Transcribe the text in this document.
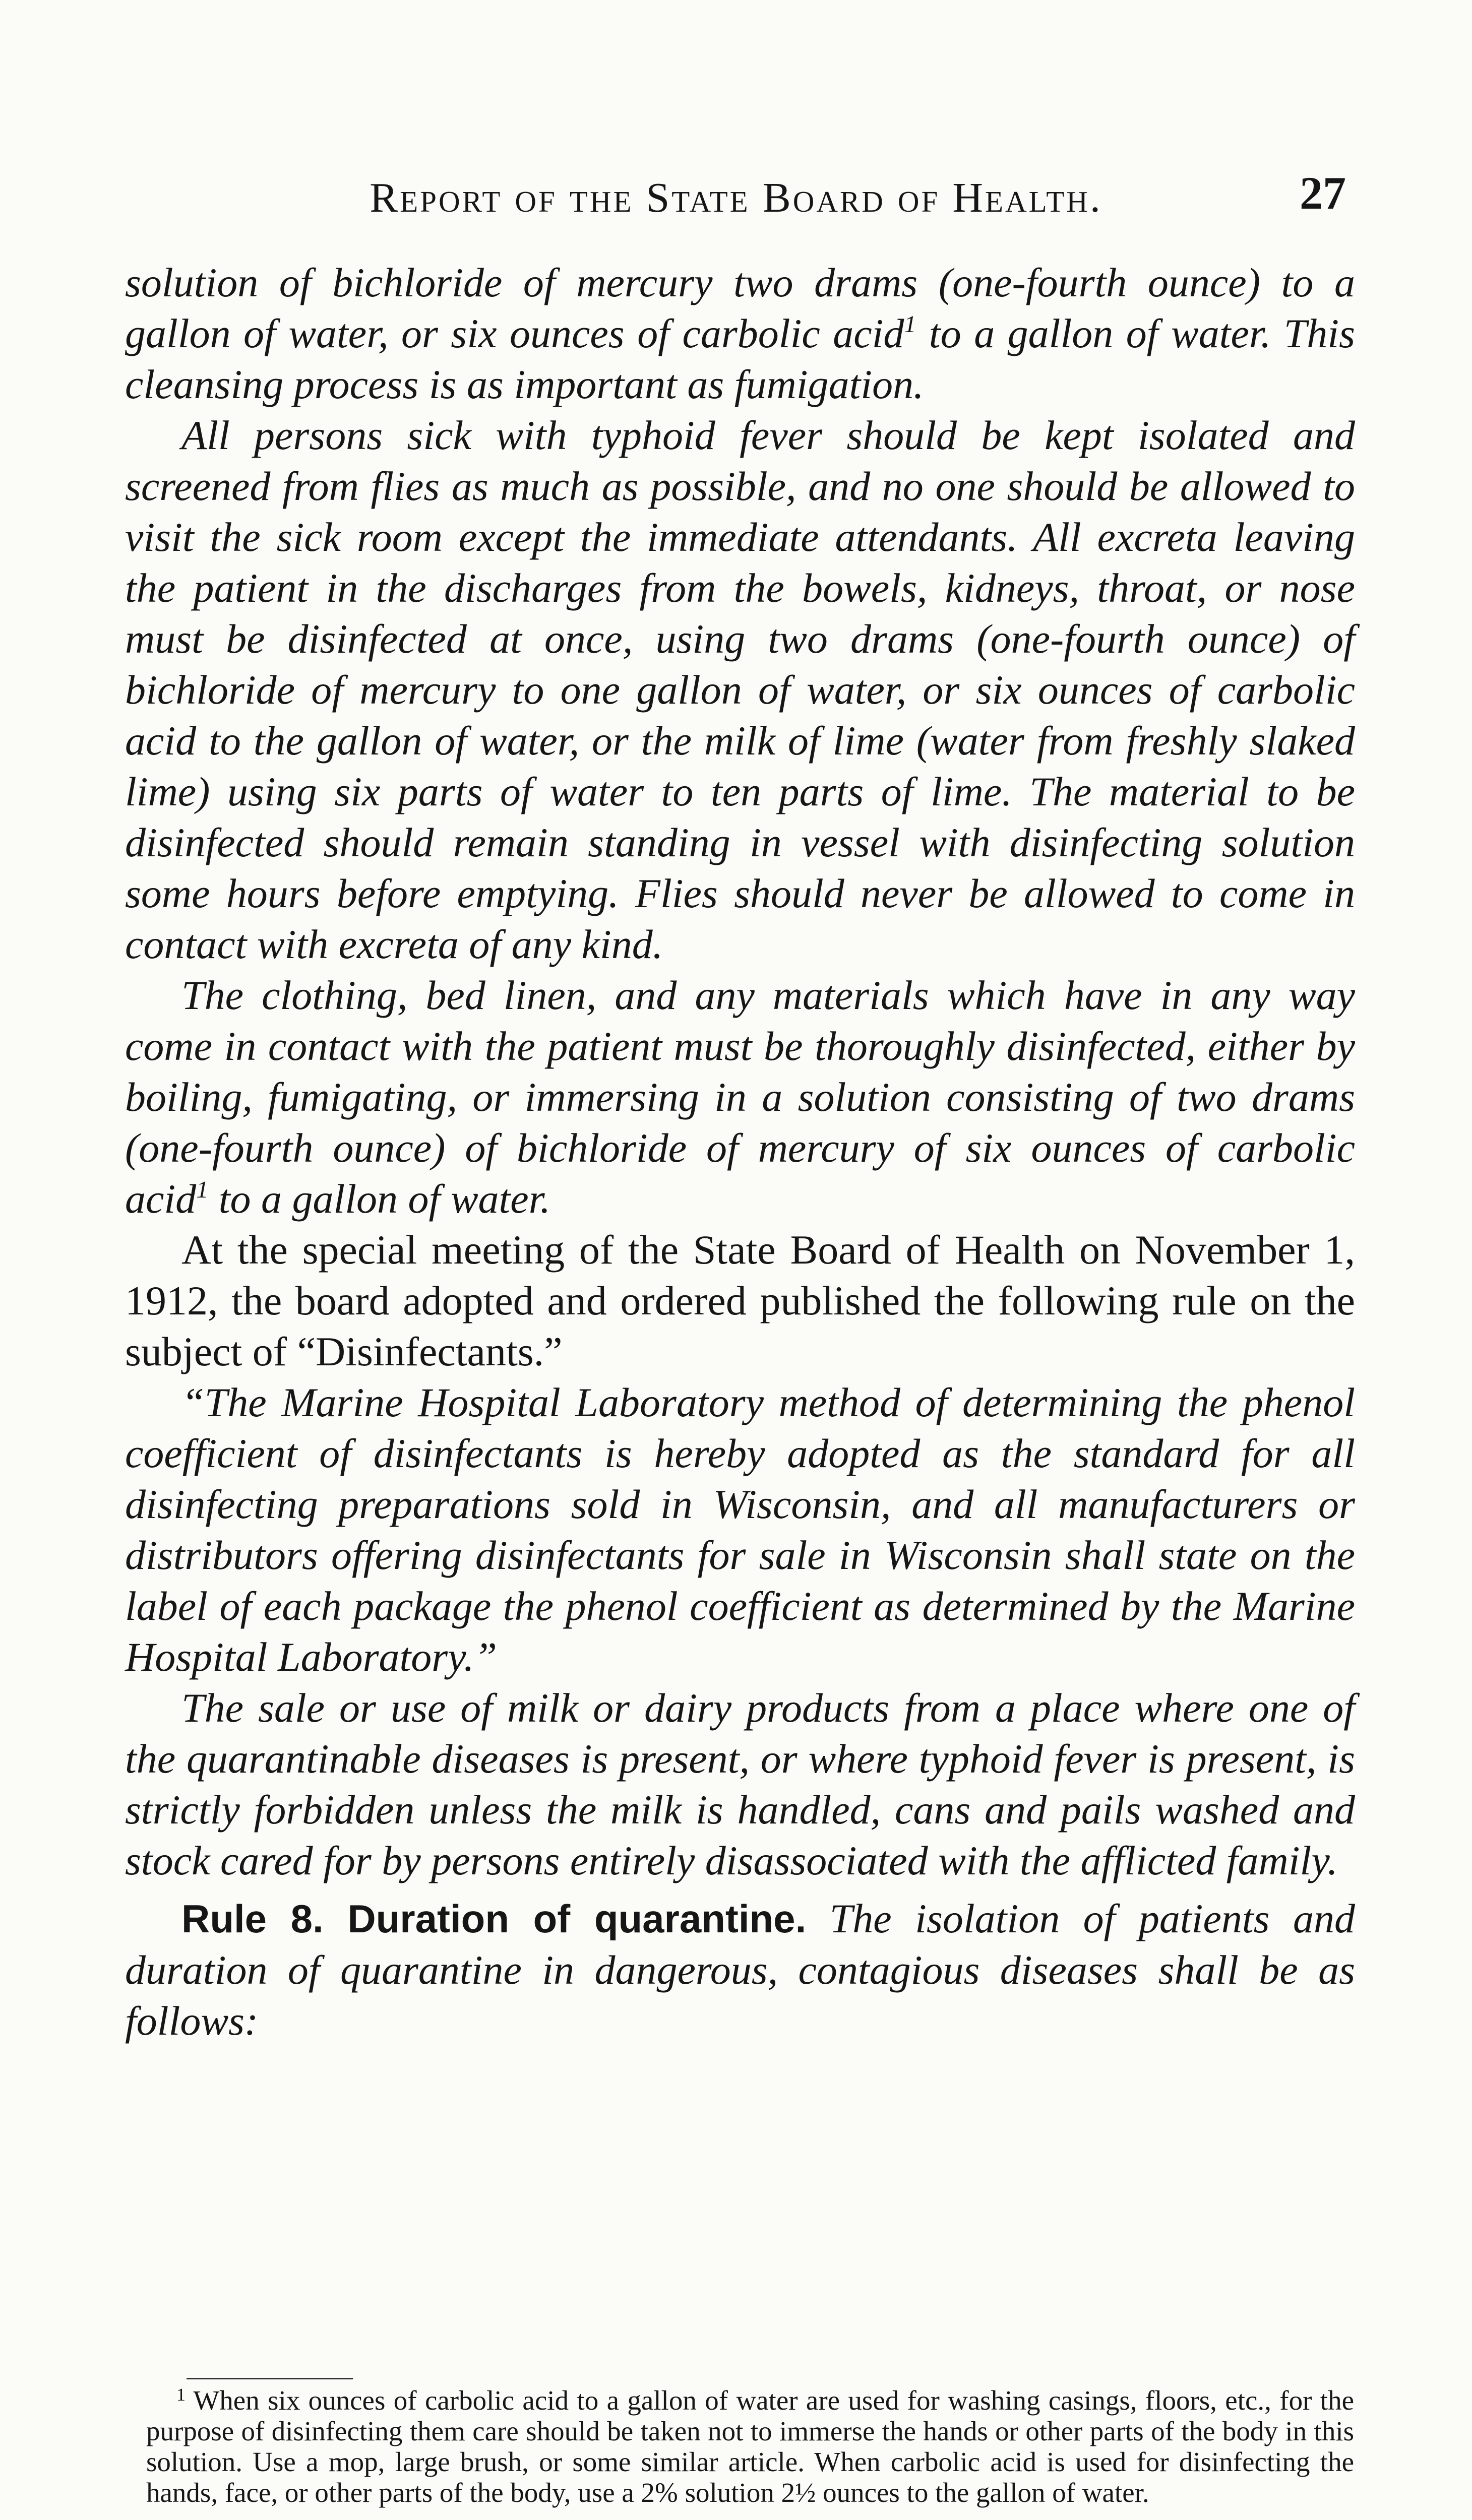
Report of the State Board of Health.	27

solution of bichloride of mercury two drams (one-fourth ounce) to a gallon of water, or six ounces of carbolic acid$^1$ to a gallon of water. This cleansing process is as important as fumigation.

All persons sick with typhoid fever should be kept isolated and screened from flies as much as possible, and no one should be allowed to visit the sick room except the immediate attendants. All excreta leaving the patient in the discharges from the bowels, kidneys, throat, or nose must be disinfected at once, using two drams (one-fourth ounce) of bichloride of mercury to one gallon of water, or six ounces of carbolic acid to the gallon of water, or the milk of lime (water from freshly slaked lime) using six parts of water to ten parts of lime. The material to be disinfected should remain standing in vessel with disinfecting solution some hours before emptying. Flies should never be allowed to come in contact with excreta of any kind.

The clothing, bed linen, and any materials which have in any way come in contact with the patient must be thoroughly disinfected, either by boiling, fumigating, or immersing in a solution consisting of two drams (one-fourth ounce) of bichloride of mercury of six ounces of carbolic acid$^1$ to a gallon of water.

At the special meeting of the State Board of Health on November 1, 1912, the board adopted and ordered published the following rule on the subject of “Disinfectants.”

“The Marine Hospital Laboratory method of determining the phenol coefficient of disinfectants is hereby adopted as the standard for all disinfecting preparations sold in Wisconsin, and all manufacturers or distributors offering disinfectants for sale in Wisconsin shall state on the label of each package the phenol coefficient as determined by the Marine Hospital Laboratory.”

The sale or use of milk or dairy products from a place where one of the quarantinable diseases is present, or where typhoid fever is present, is strictly forbidden unless the milk is handled, cans and pails washed and stock cared for by persons entirely disassociated with the afflicted family.

Rule 8. Duration of quarantine. The isolation of patients and duration of quarantine in dangerous, contagious diseases shall be as follows:

$^1$ When six ounces of carbolic acid to a gallon of water are used for washing casings, floors, etc., for the purpose of disinfecting them care should be taken not to immerse the hands or other parts of the body in this solution. Use a mop, large brush, or some similar article. When carbolic acid is used for disinfecting the hands, face, or other parts of the body, use a 2% solution 2½ ounces to the gallon of water.
